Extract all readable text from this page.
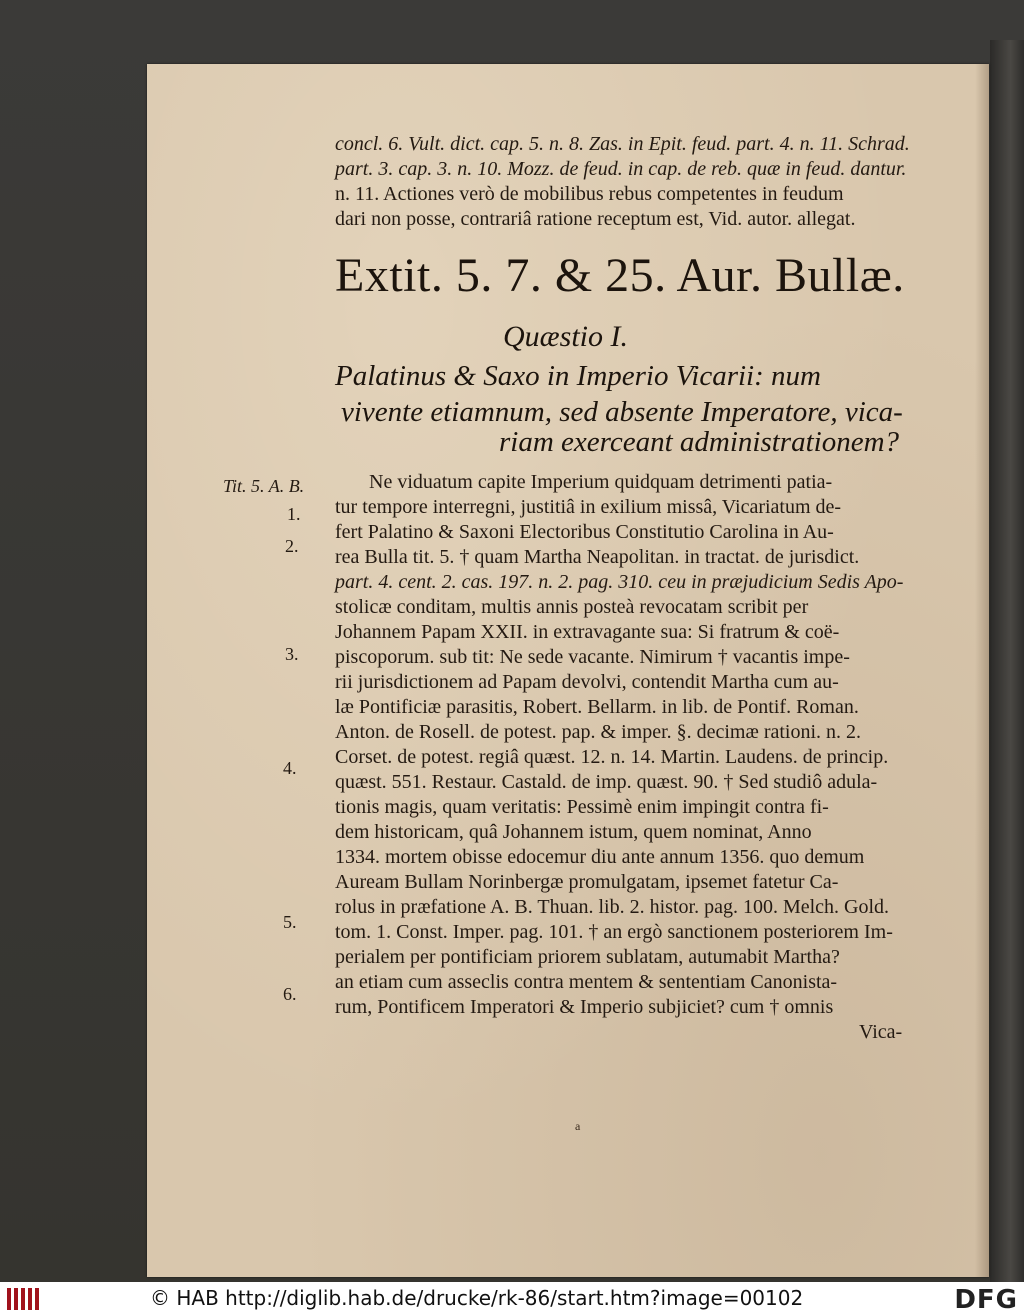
concl. 6. Vult. dict. cap. 5. n. 8. Zas. in Epit. feud. part. 4. n. 11. Schrad.
part. 3. cap. 3. n. 10. Mozz. de feud. in cap. de reb. quæ in feud. dantur.
n. 11. Actiones verò de mobilibus rebus competentes in feudum
dari non posse, contrariâ ratione receptum est, Vid. autor. allegat.
Extit. 5. 7. & 25. Aur. Bullæ.
Quæstio I.
Palatinus & Saxo in Imperio Vicarii: num
vivente etiamnum, sed absente Imperatore, vica-
riam exerceant administrationem?
Tit. 5. A. B.
1.
2.
3.
4.
5.
6.
Ne viduatum capite Imperium quidquam detrimenti patia-
tur tempore interregni, justitiâ in exilium missâ, Vicariatum de-
fert Palatino & Saxoni Electoribus Constitutio Carolina in Au-
rea Bulla tit. 5. † quam Martha Neapolitan. in tractat. de jurisdict.
part. 4. cent. 2. cas. 197. n. 2. pag. 310. ceu in præjudicium Sedis Apo-
stolicæ conditam, multis annis posteà revocatam scribit per
Johannem Papam XXII. in extravagante sua: Si fratrum & coë-
piscoporum. sub tit: Ne sede vacante. Nimirum † vacantis impe-
rii jurisdictionem ad Papam devolvi, contendit Martha cum au-
læ Pontificiæ parasitis, Robert. Bellarm. in lib. de Pontif. Roman.
Anton. de Rosell. de potest. pap. & imper. §. decimæ rationi. n. 2.
Corset. de potest. regiâ quæst. 12. n. 14. Martin. Laudens. de princip.
quæst. 551. Restaur. Castald. de imp. quæst. 90. † Sed studiô adula-
tionis magis, quam veritatis: Pessimè enim impingit contra fi-
dem historicam, quâ Johannem istum, quem nominat, Anno
1334. mortem obisse edocemur diu ante annum 1356. quo demum
Auream Bullam Norinbergæ promulgatam, ipsemet fatetur Ca-
rolus in præfatione A. B. Thuan. lib. 2. histor. pag. 100. Melch. Gold.
tom. 1. Const. Imper. pag. 101. † an ergò sanctionem posteriorem Im-
perialem per pontificiam priorem sublatam, autumabit Martha?
an etiam cum asseclis contra mentem & sententiam Canonista-
rum, Pontificem Imperatori & Imperio subjiciet? cum † omnis
Vica-
a
© HAB http://diglib.hab.de/drucke/rk-86/start.htm?image=00102	DFG
